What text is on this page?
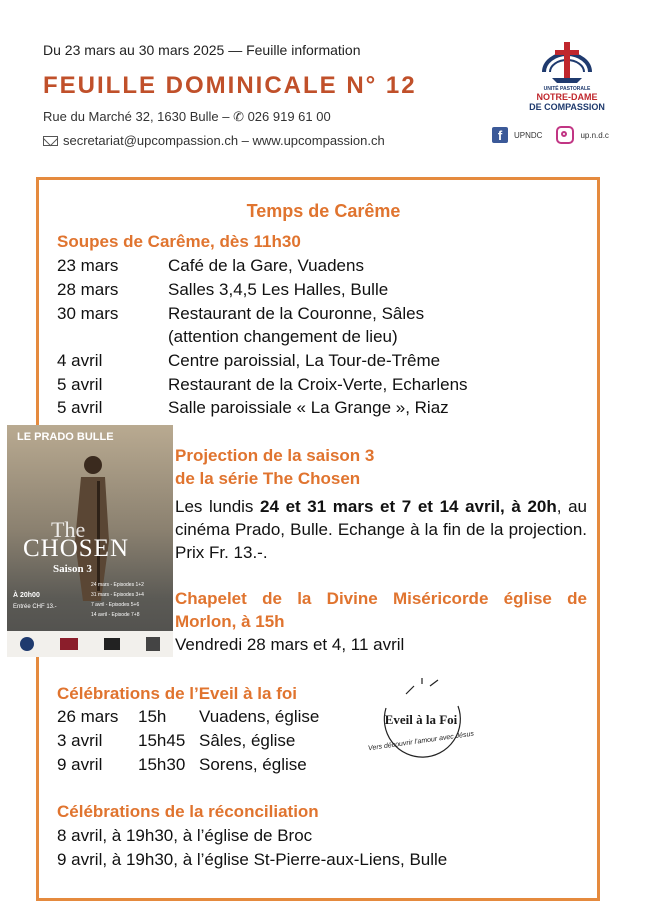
Du 23 mars au 30 mars 2025 — Feuille information
FEUILLE DOMINICALE N° 12
Rue du Marché 32, 1630 Bulle – ✆ 026 919 61 00
secretariat@upcompassion.ch – www.upcompassion.ch
UNITÉ PASTORALE
NOTRE-DAME
DE COMPASSION
f	UPNDC	up.n.d.c
Temps de Carême
Soupes de Carême, dès 11h30
23 mars	Café de la Gare, Vuadens
28 mars	Salles 3,4,5 Les Halles, Bulle
30 mars	Restaurant de la Couronne, Sâles
(attention changement de lieu)
4 avril	Centre paroissial, La Tour-de-Trême
5 avril	Restaurant de la Croix-Verte, Echarlens
5 avril	Salle paroissiale « La Grange », Riaz
LE PRADO BULLE
The
CHOSEN
Saison 3
24 mars - Episodes 1+2
À 20h00	31 mars - Episodes 3+4
7 avril - Episodes 5+6
Entrée CHF 13.-
14 avril - Episode 7+8
Projection de la saison 3
de la série The Chosen
Les lundis 24 et 31 mars et 7 et 14 avril, à 20h, au cinéma Prado, Bulle. Echange à la fin de la projection. Prix Fr. 13.-.
Chapelet de la Divine Miséricorde église de
Morlon, à 15h
Vendredi 28 mars et 4, 11 avril
Célébrations de l’Eveil à la foi
26 mars 15h Vuadens, église
3 avril 15h45 Sâles, église
9 avril 15h30 Sorens, église
Eveil à la Foi
Vers découvrir l’amour avec Jésus
Célébrations de la réconciliation
8 avril, à 19h30, à l’église de Broc
9 avril, à 19h30, à l’église St-Pierre-aux-Liens, Bulle
